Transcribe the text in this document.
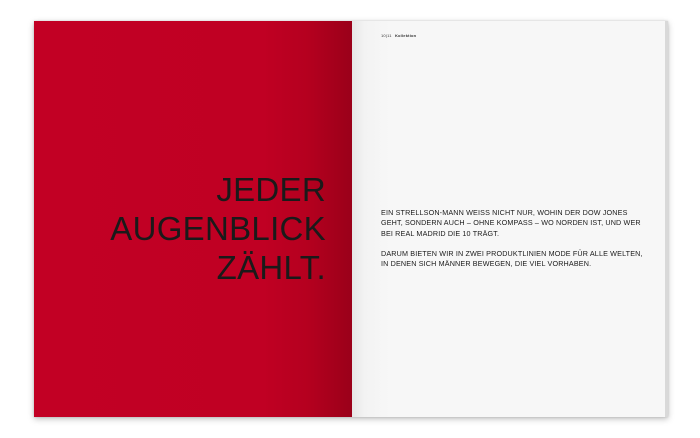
JEDER
AUGENBLICK
ZÄHLT.
10|11 Kollektion

EIN STRELLSON-MANN WEISS NICHT NUR, WOHIN DER DOW JONES GEHT, SONDERN AUCH – OHNE KOMPASS – WO NORDEN IST, UND WER BEI REAL MADRID DIE 10 TRÄGT.

DARUM BIETEN WIR IN ZWEI PRODUKTLINIEN MODE FÜR ALLE WELTEN, IN DENEN SICH MÄNNER BEWEGEN, DIE VIEL VORHABEN.
